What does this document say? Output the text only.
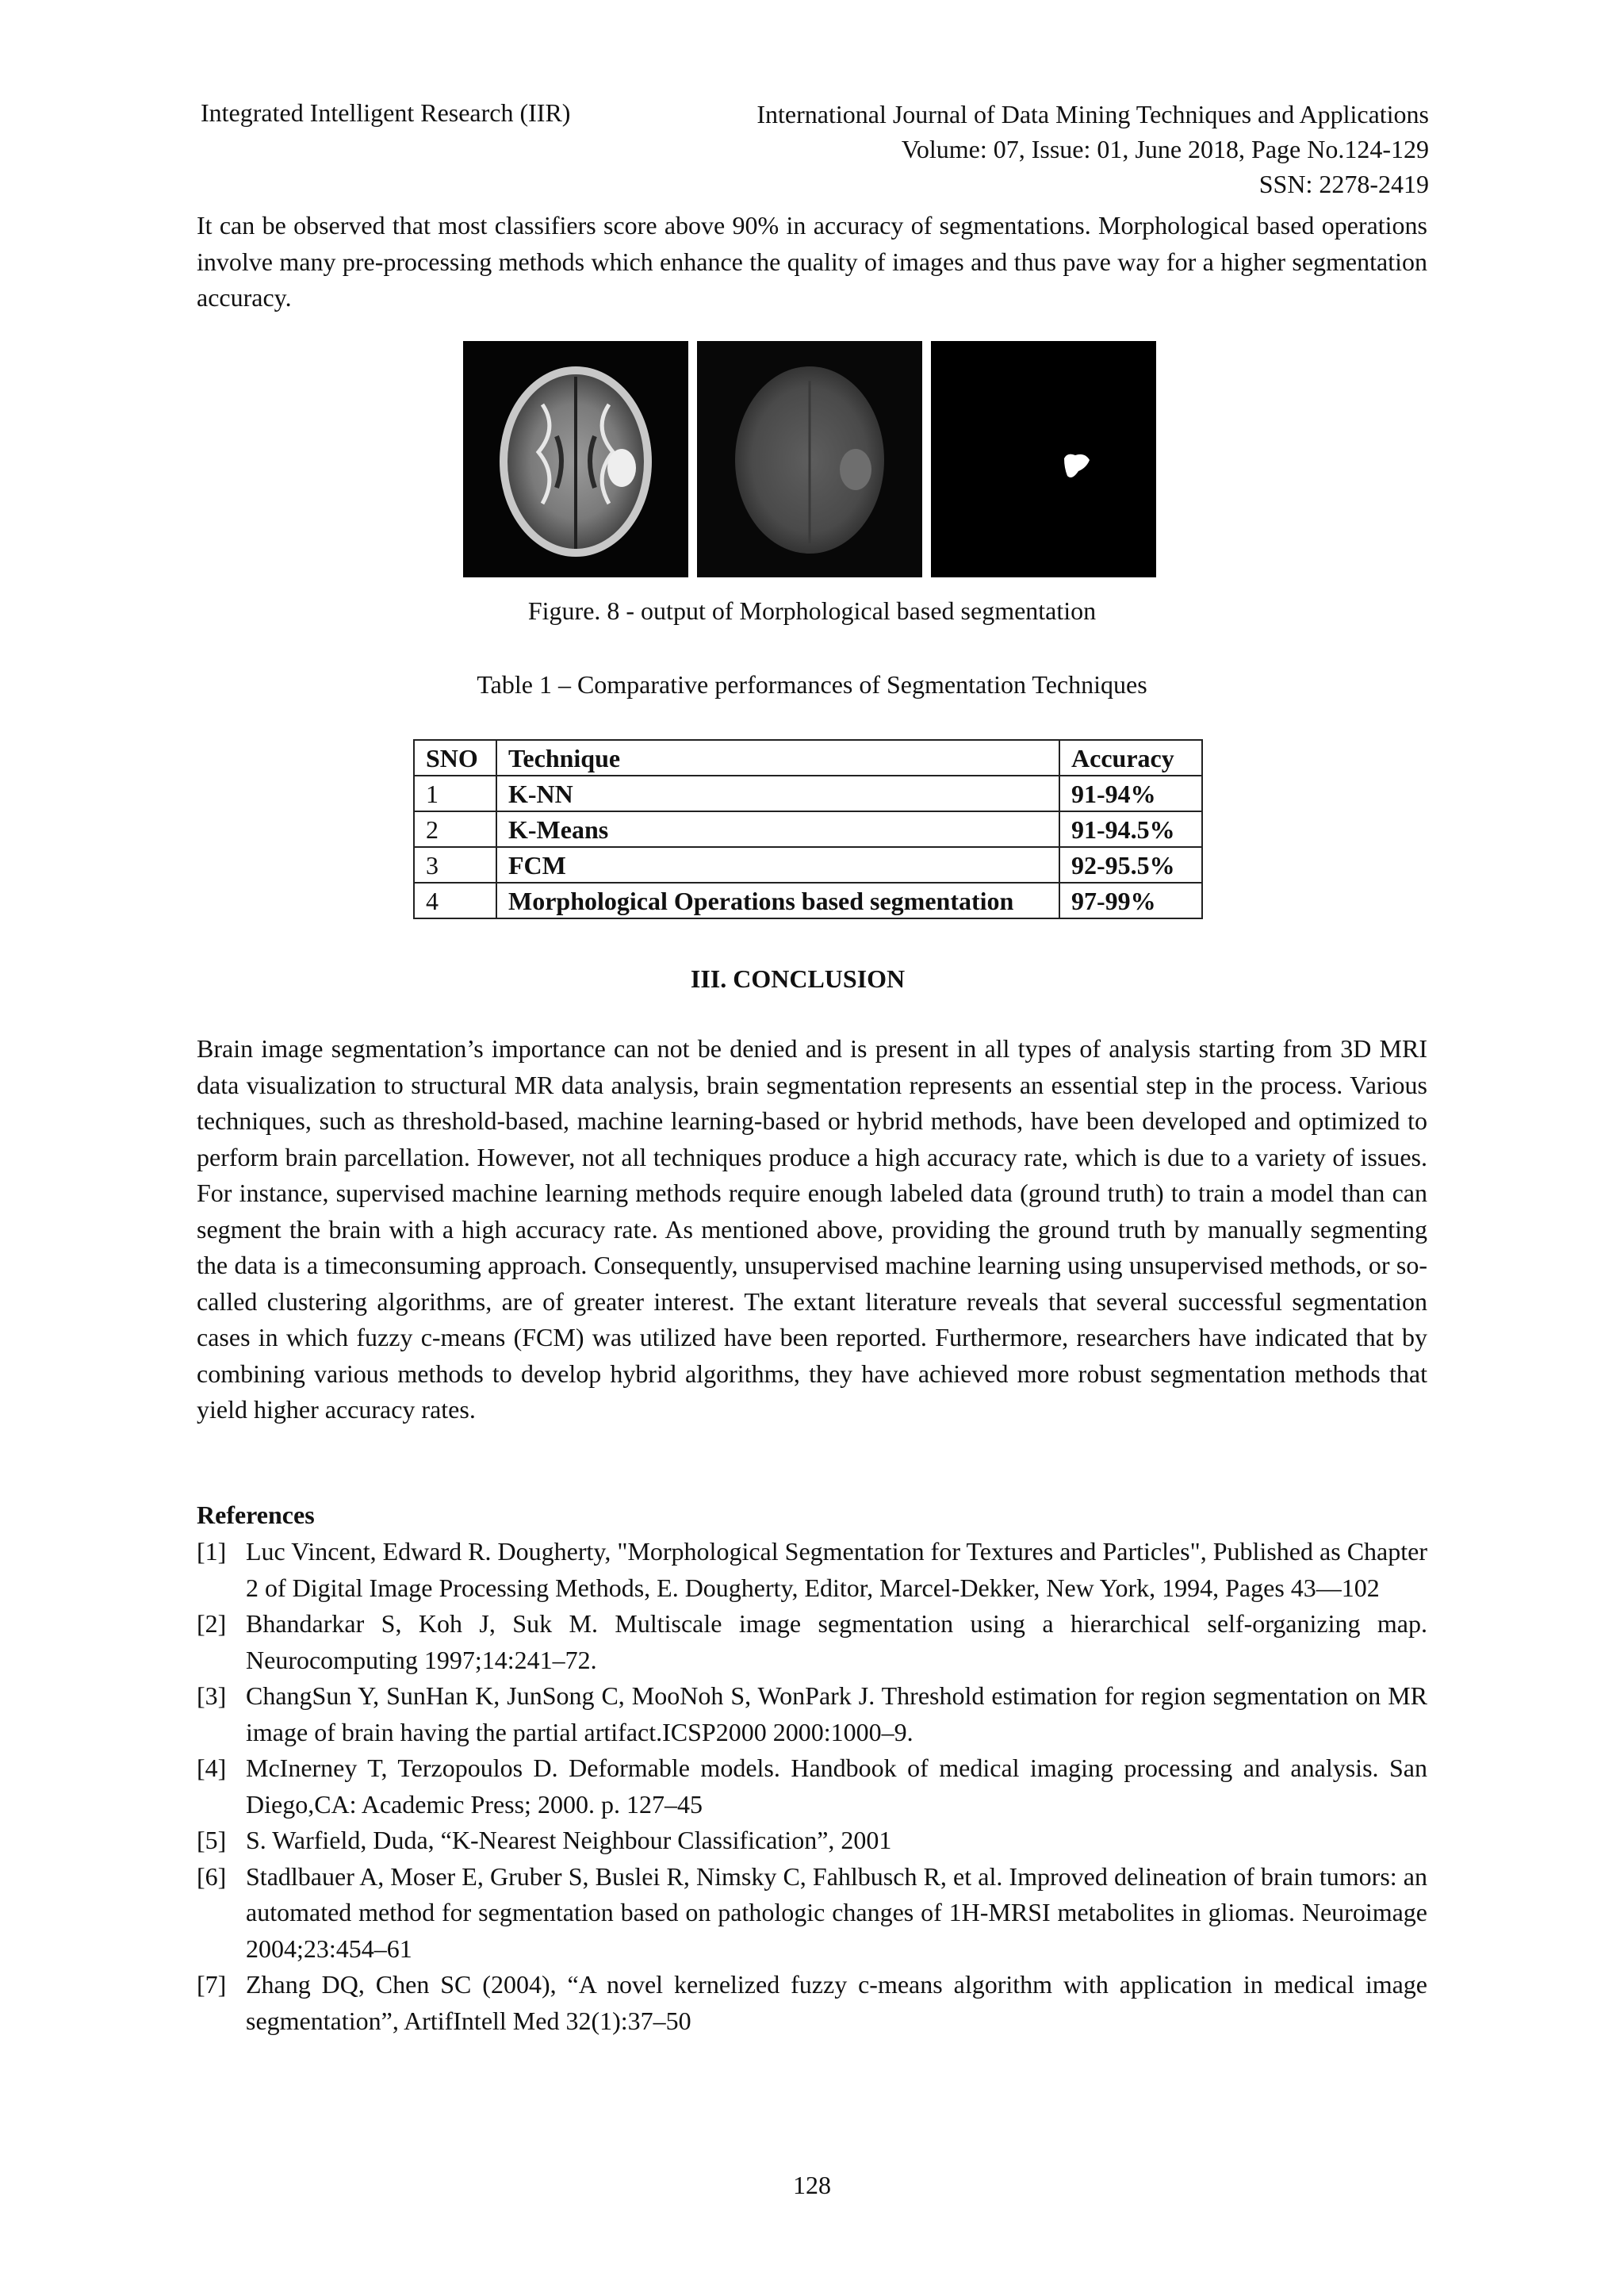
Integrated Intelligent Research (IIR)	International Journal of Data Mining Techniques and Applications
Volume: 07, Issue: 01, June 2018, Page No.124-129
SSN: 2278-2419

It can be observed that most classifiers score above 90% in accuracy of segmentations. Morphological based operations involve many pre-processing methods which enhance the quality of images and thus pave way for a higher segmentation accuracy.

Figure. 8 - output of Morphological based segmentation
Table 1 – Comparative performances of Segmentation Techniques
SNO	Technique	Accuracy
1	K-NN	91-94%
2	K-Means	91-94.5%
3	FCM	92-95.5%
4	Morphological Operations based segmentation	97-99%
III. CONCLUSION

Brain image segmentation’s importance can not be denied and is present in all types of analysis starting from 3D MRI data visualization to structural MR data analysis, brain segmentation represents an essential step in the process. Various techniques, such as threshold-based, machine learning-based or hybrid methods, have been developed and optimized to perform brain parcellation. However, not all techniques produce a high accuracy rate, which is due to a variety of issues. For instance, supervised machine learning methods require enough labeled data (ground truth) to train a model than can segment the brain with a high accuracy rate. As mentioned above, providing the ground truth by manually segmenting the data is a timeconsuming approach. Consequently, unsupervised machine learning using unsupervised methods, or so-called clustering algorithms, are of greater interest. The extant literature reveals that several successful segmentation cases in which fuzzy c-means (FCM) was utilized have been reported. Furthermore, researchers have indicated that by combining various methods to develop hybrid algorithms, they have achieved more robust segmentation methods that yield higher accuracy rates.

References
[1] Luc Vincent, Edward R. Dougherty, "Morphological Segmentation for Textures and Particles", Published as Chapter 2 of Digital Image Processing Methods, E. Dougherty, Editor, Marcel-Dekker, New York, 1994, Pages 43—102
[2] Bhandarkar S, Koh J, Suk M. Multiscale image segmentation using a hierarchical self-organizing map. Neurocomputing 1997;14:241–72.
[3] ChangSun Y, SunHan K, JunSong C, MooNoh S, WonPark J. Threshold estimation for region segmentation on MR image of brain having the partial artifact.ICSP2000 2000:1000–9.
[4] McInerney T, Terzopoulos D. Deformable models. Handbook of medical imaging processing and analysis. San Diego,CA: Academic Press; 2000. p. 127–45
[5] S. Warfield, Duda, “K-Nearest Neighbour Classification”, 2001
[6] Stadlbauer A, Moser E, Gruber S, Buslei R, Nimsky C, Fahlbusch R, et al. Improved delineation of brain tumors: an automated method for segmentation based on pathologic changes of 1H-MRSI metabolites in gliomas. Neuroimage 2004;23:454–61
[7] Zhang DQ, Chen SC (2004), “A novel kernelized fuzzy c-means algorithm with application in medical image segmentation”, ArtifIntell Med 32(1):37–50
128
